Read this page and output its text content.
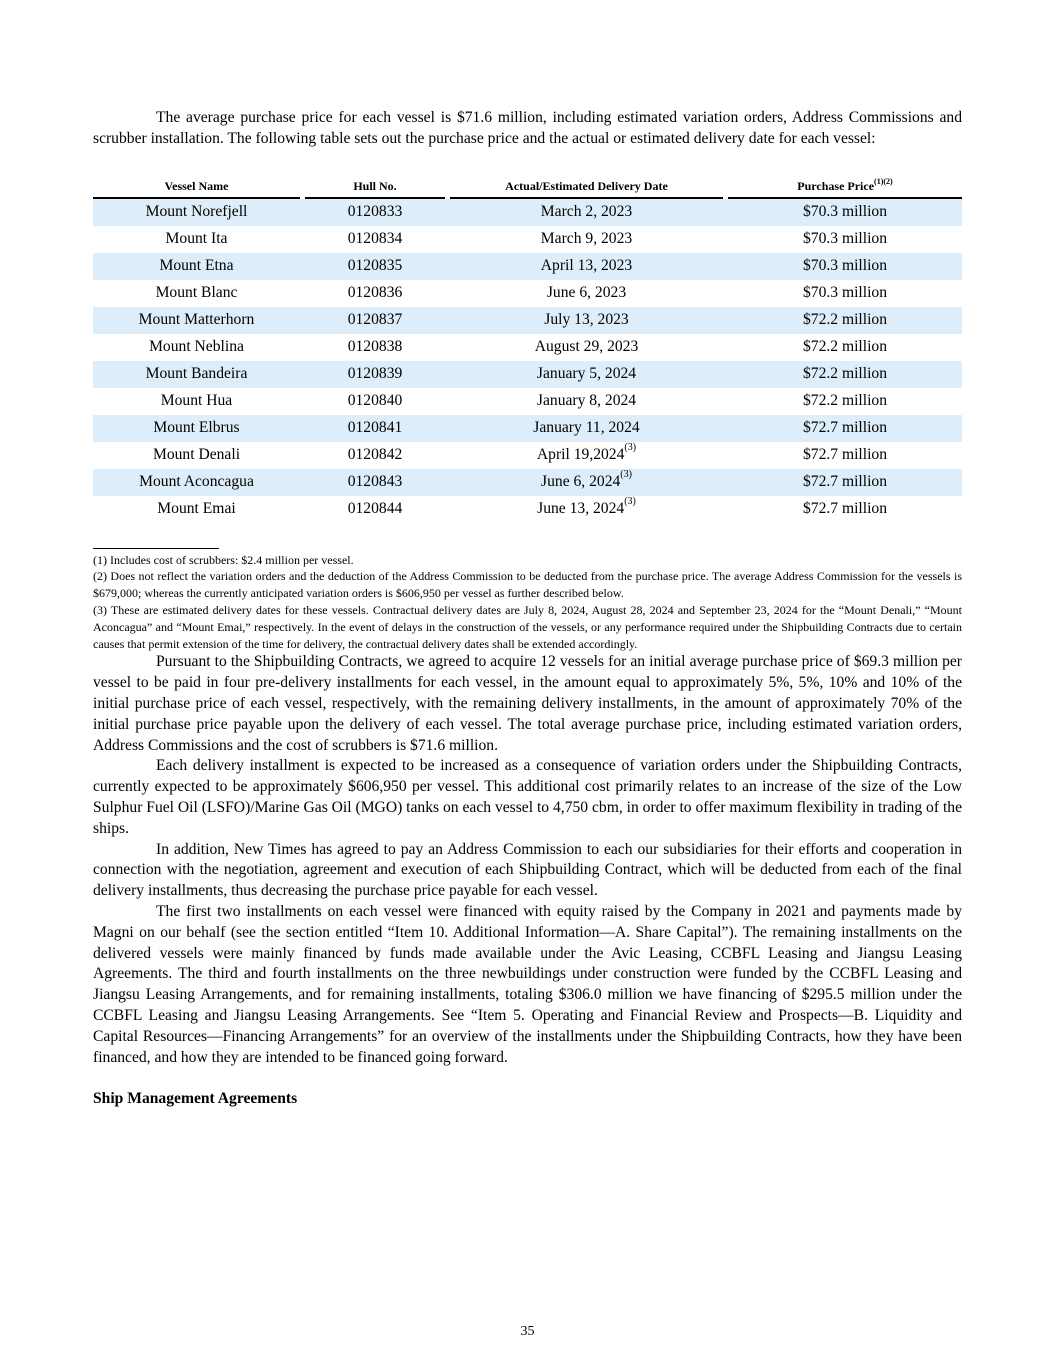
The average purchase price for each vessel is $71.6 million, including estimated variation orders, Address Commissions and scrubber installation. The following table sets out the purchase price and the actual or estimated delivery date for each vessel:

Vessel Name		Hull No.		Actual/Estimated Delivery Date		Purchase Price$^{(1)(2)}$
Mount Norefjell		0120833		March 2, 2023		$70.3 million
Mount Ita		0120834		March 9, 2023		$70.3 million
Mount Etna		0120835		April 13, 2023		$70.3 million
Mount Blanc		0120836		June 6, 2023		$70.3 million
Mount Matterhorn		0120837		July 13, 2023		$72.2 million
Mount Neblina		0120838		August 29, 2023		$72.2 million
Mount Bandeira		0120839		January 5, 2024		$72.2 million
Mount Hua		0120840		January 8, 2024		$72.2 million
Mount Elbrus		0120841		January 11, 2024		$72.7 million
Mount Denali		0120842		April 19,2024$^{(3)}$		$72.7 million
Mount Aconcagua		0120843		June 6, 2024$^{(3)}$		$72.7 million
Mount Emai		0120844		June 13, 2024$^{(3)}$		$72.7 million

(1) Includes cost of scrubbers: $2.4 million per vessel.

(2) Does not reflect the variation orders and the deduction of the Address Commission to be deducted from the purchase price. The average Address Commission for the vessels is $679,000; whereas the currently anticipated variation orders is $606,950 per vessel as further described below.

(3) These are estimated delivery dates for these vessels. Contractual delivery dates are July 8, 2024, August 28, 2024 and September 23, 2024 for the “Mount Denali,” “Mount Aconcagua” and “Mount Emai,” respectively. In the event of delays in the construction of the vessels, or any performance required under the Shipbuilding Contracts due to certain causes that permit extension of the time for delivery, the contractual delivery dates shall be extended accordingly.

Pursuant to the Shipbuilding Contracts, we agreed to acquire 12 vessels for an initial average purchase price of $69.3 million per vessel to be paid in four pre-delivery installments for each vessel, in the amount equal to approximately 5%, 5%, 10% and 10% of the initial purchase price of each vessel, respectively, with the remaining delivery installments, in the amount of approximately 70% of the initial purchase price payable upon the delivery of each vessel. The total average purchase price, including estimated variation orders, Address Commissions and the cost of scrubbers is $71.6 million.

Each delivery installment is expected to be increased as a consequence of variation orders under the Shipbuilding Contracts, currently expected to be approximately $606,950 per vessel. This additional cost primarily relates to an increase of the size of the Low Sulphur Fuel Oil (LSFO)/Marine Gas Oil (MGO) tanks on each vessel to 4,750 cbm, in order to offer maximum flexibility in trading of the ships.

In addition, New Times has agreed to pay an Address Commission to each our subsidiaries for their efforts and cooperation in connection with the negotiation, agreement and execution of each Shipbuilding Contract, which will be deducted from each of the final delivery installments, thus decreasing the purchase price payable for each vessel.

The first two installments on each vessel were financed with equity raised by the Company in 2021 and payments made by Magni on our behalf (see the section entitled “Item 10. Additional Information—A. Share Capital”). The remaining installments on the delivered vessels were mainly financed by funds made available under the Avic Leasing, CCBFL Leasing and Jiangsu Leasing Agreements. The third and fourth installments on the three newbuildings under construction were funded by the CCBFL Leasing and Jiangsu Leasing Arrangements, and for remaining installments, totaling $306.0 million we have financing of $295.5 million under the CCBFL Leasing and Jiangsu Leasing Arrangements. See “Item 5. Operating and Financial Review and Prospects—B. Liquidity and Capital Resources—Financing Arrangements” for an overview of the installments under the Shipbuilding Contracts, how they have been financed, and how they are intended to be financed going forward.

Ship Management Agreements
35
